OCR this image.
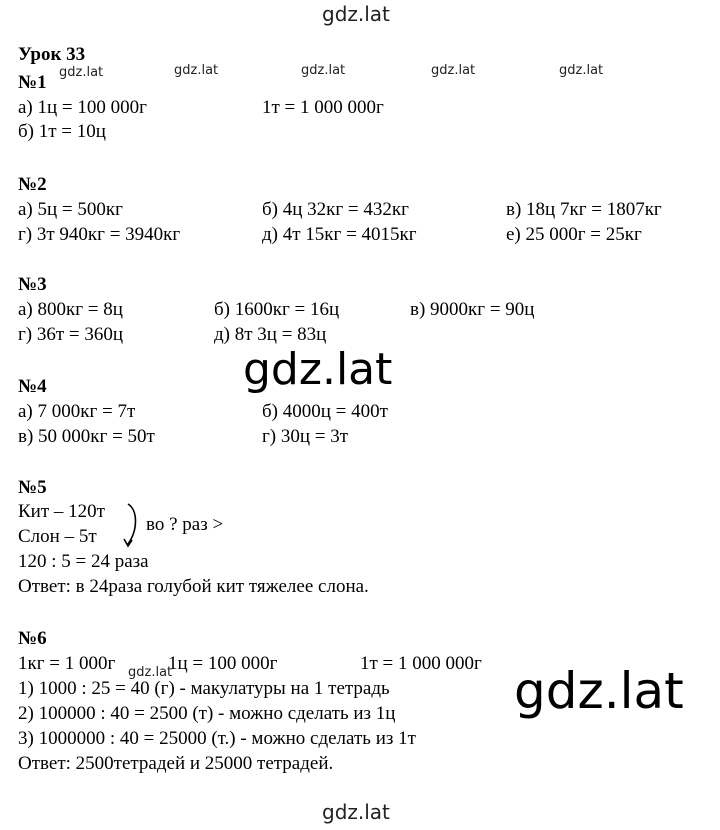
gdz.lat
gdz.lat	gdz.lat	gdz.lat	gdz.lat	gdz.lat
Урок 33
№1
а) 1ц = 100 000г	1т = 1 000 000г
б) 1т = 10ц
№2
а) 5ц = 500кг	б) 4ц 32кг = 432кг	в) 18ц 7кг = 1807кг
г) 3т 940кг = 3940кг	д) 4т 15кг = 4015кг	е) 25 000г = 25кг
№3
а) 800кг = 8ц	б) 1600кг = 16ц	в) 9000кг = 90ц
г) 36т = 360ц	д) 8т 3ц = 83ц
gdz.lat
№4
а) 7 000кг = 7т	б) 4000ц = 400т
в) 50 000кг = 50т	г) 30ц = 3т
№5
Кит – 120т
Слон – 5т
во ? раз >
120 : 5 = 24 раза
Ответ: в 24раза голубой кит тяжелее слона.
№6
1кг = 1 000г	1ц = 100 000г	1т = 1 000 000г
gdz.lat
1) 1000 : 25 = 40 (г) - макулатуры на 1 тетрадь
2) 100000 : 40 = 2500 (т) - можно сделать из 1ц
3) 1000000 : 40 = 25000 (т.) - можно сделать из 1т
Ответ: 2500тетрадей и 25000 тетрадей.
gdz.lat
gdz.lat
